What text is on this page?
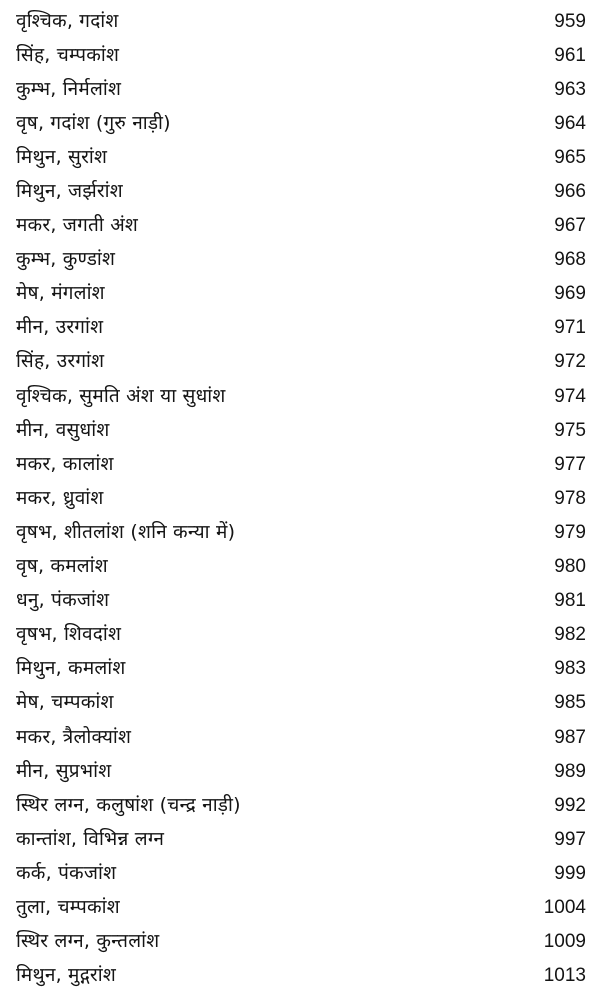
वृश्चिक, गदांश	959
सिंह, चम्पकांश	961
कुम्भ, निर्मलांश	963
वृष, गदांश (गुरु नाड़ी)	964
मिथुन, सुरांश	965
मिथुन, जर्झरांश	966
मकर, जगती अंश	967
कुम्भ, कुण्डांश	968
मेष, मंगलांश	969
मीन, उरगांश	971
सिंह, उरगांश	972
वृश्चिक, सुमति अंश या सुधांश	974
मीन, वसुधांश	975
मकर, कालांश	977
मकर, ध्रुवांश	978
वृषभ, शीतलांश (शनि कन्या में)	979
वृष, कमलांश	980
धनु, पंकजांश	981
वृषभ, शिवदांश	982
मिथुन, कमलांश	983
मेष, चम्पकांश	985
मकर, त्रैलोक्यांश	987
मीन, सुप्रभांश	989
स्थिर लग्न, कलुषांश (चन्द्र नाड़ी)	992
कान्तांश, विभिन्न लग्न	997
कर्क, पंकजांश	999
तुला, चम्पकांश	1004
स्थिर लग्न, कुन्तलांश	1009
मिथुन, मुद्गरांश	1013
